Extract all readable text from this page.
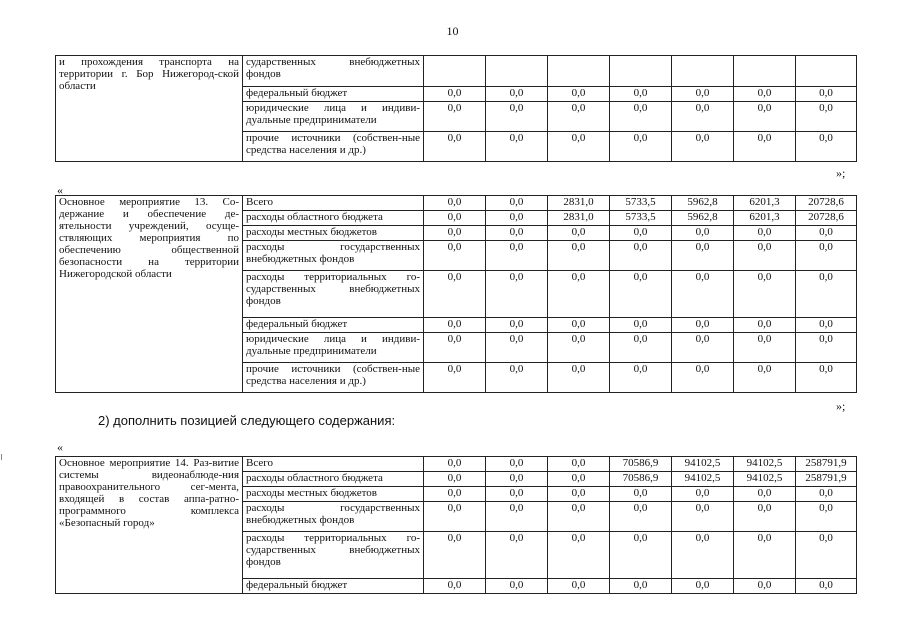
10
и прохождения транспорта на территории г. Бор Нижегород-ской области	сударственных внебюджетных фондов							
	федеральный бюджет	0,0	0,0	0,0	0,0	0,0	0,0	0,0
	юридические лица и индиви-дуальные предприниматели	0,0	0,0	0,0	0,0	0,0	0,0	0,0
	прочие источники (собствен-ные средства населения и др.)	0,0	0,0	0,0	0,0	0,0	0,0	0,0
»;
«
Основное мероприятие 13. Со-держание и обеспечение де-ятельности учреждений, осуще-ствляющих мероприятия по обеспечению общественной безопасности на территории Нижегородской области	Всего	0,0	0,0	2831,0	5733,5	5962,8	6201,3	20728,6
	расходы областного бюджета	0,0	0,0	2831,0	5733,5	5962,8	6201,3	20728,6
	расходы местных бюджетов	0,0	0,0	0,0	0,0	0,0	0,0	0,0
	расходы государственных внебюджетных фондов	0,0	0,0	0,0	0,0	0,0	0,0	0,0
	расходы территориальных го-сударственных внебюджетных фондов	0,0	0,0	0,0	0,0	0,0	0,0	0,0
	федеральный бюджет	0,0	0,0	0,0	0,0	0,0	0,0	0,0
	юридические лица и индиви-дуальные предприниматели	0,0	0,0	0,0	0,0	0,0	0,0	0,0
	прочие источники (собствен-ные средства населения и др.)	0,0	0,0	0,0	0,0	0,0	0,0	0,0
»;
2) дополнить позицией следующего содержания:
«
Основное мероприятие 14. Раз-витие системы видеонаблюде-ния правоохранительного сег-мента, входящей в состав аппа-ратно-программного комплекса «Безопасный город»	Всего	0,0	0,0	0,0	70586,9	94102,5	94102,5	258791,9
	расходы областного бюджета	0,0	0,0	0,0	70586,9	94102,5	94102,5	258791,9
	расходы местных бюджетов	0,0	0,0	0,0	0,0	0,0	0,0	0,0
	расходы государственных внебюджетных фондов	0,0	0,0	0,0	0,0	0,0	0,0	0,0
	расходы территориальных го-сударственных внебюджетных фондов	0,0	0,0	0,0	0,0	0,0	0,0	0,0
	федеральный бюджет	0,0	0,0	0,0	0,0	0,0	0,0	0,0
